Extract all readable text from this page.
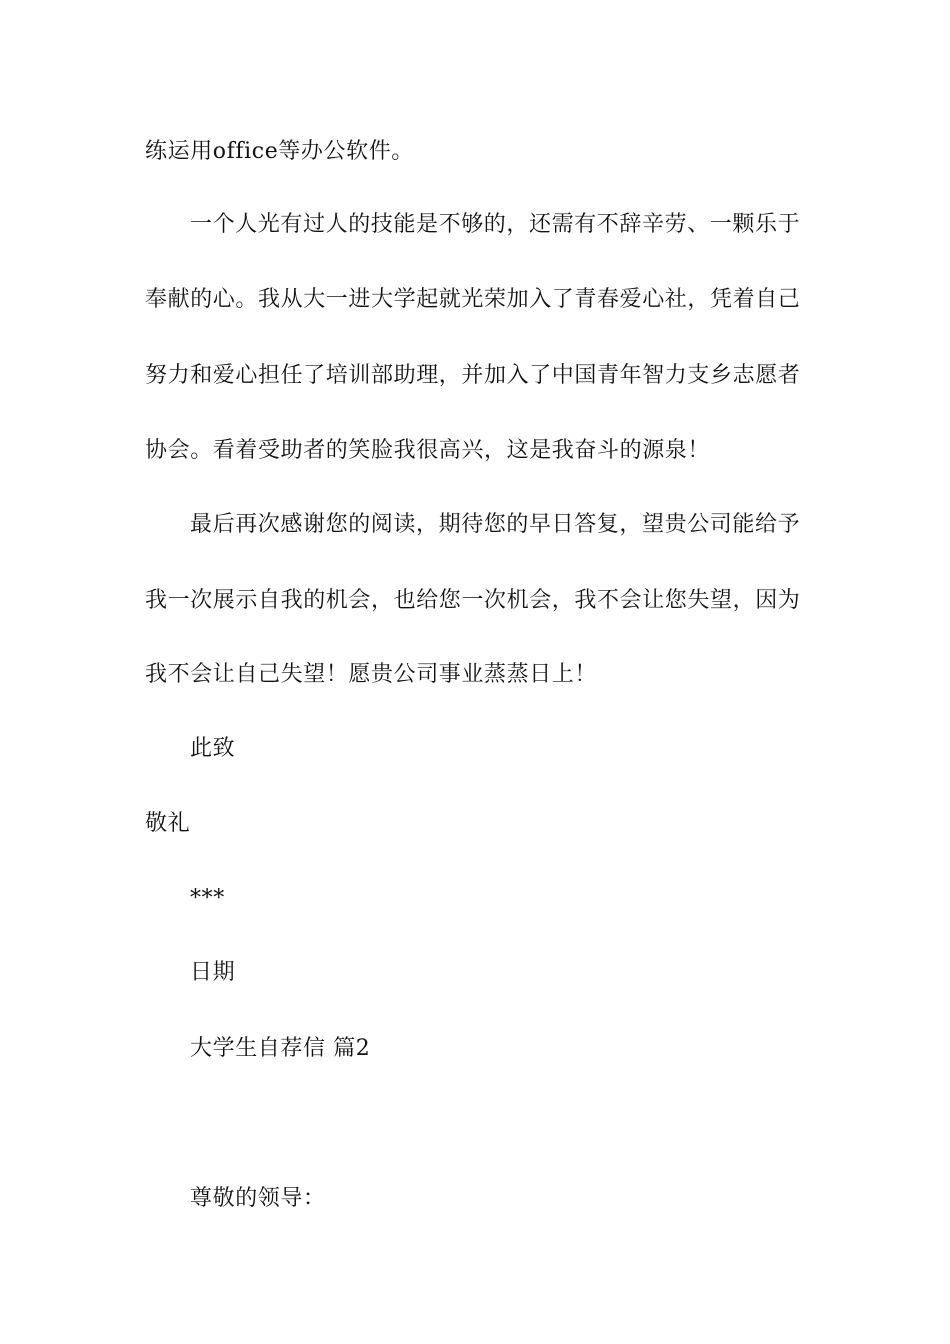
练运用office等办公软件。
一个人光有过人的技能是不够的，还需有不辞辛劳、一颗乐于
奉献的心。我从大一进大学起就光荣加入了青春爱心社，凭着自己
努力和爱心担任了培训部助理，并加入了中国青年智力支乡志愿者
协会。看着受助者的笑脸我很高兴，这是我奋斗的源泉！
最后再次感谢您的阅读，期待您的早日答复，望贵公司能给予
我一次展示自我的机会，也给您一次机会，我不会让您失望，因为
我不会让自己失望！愿贵公司事业蒸蒸日上！
此致
敬礼
***
日期
大学生自荐信 篇2
尊敬的领导：
